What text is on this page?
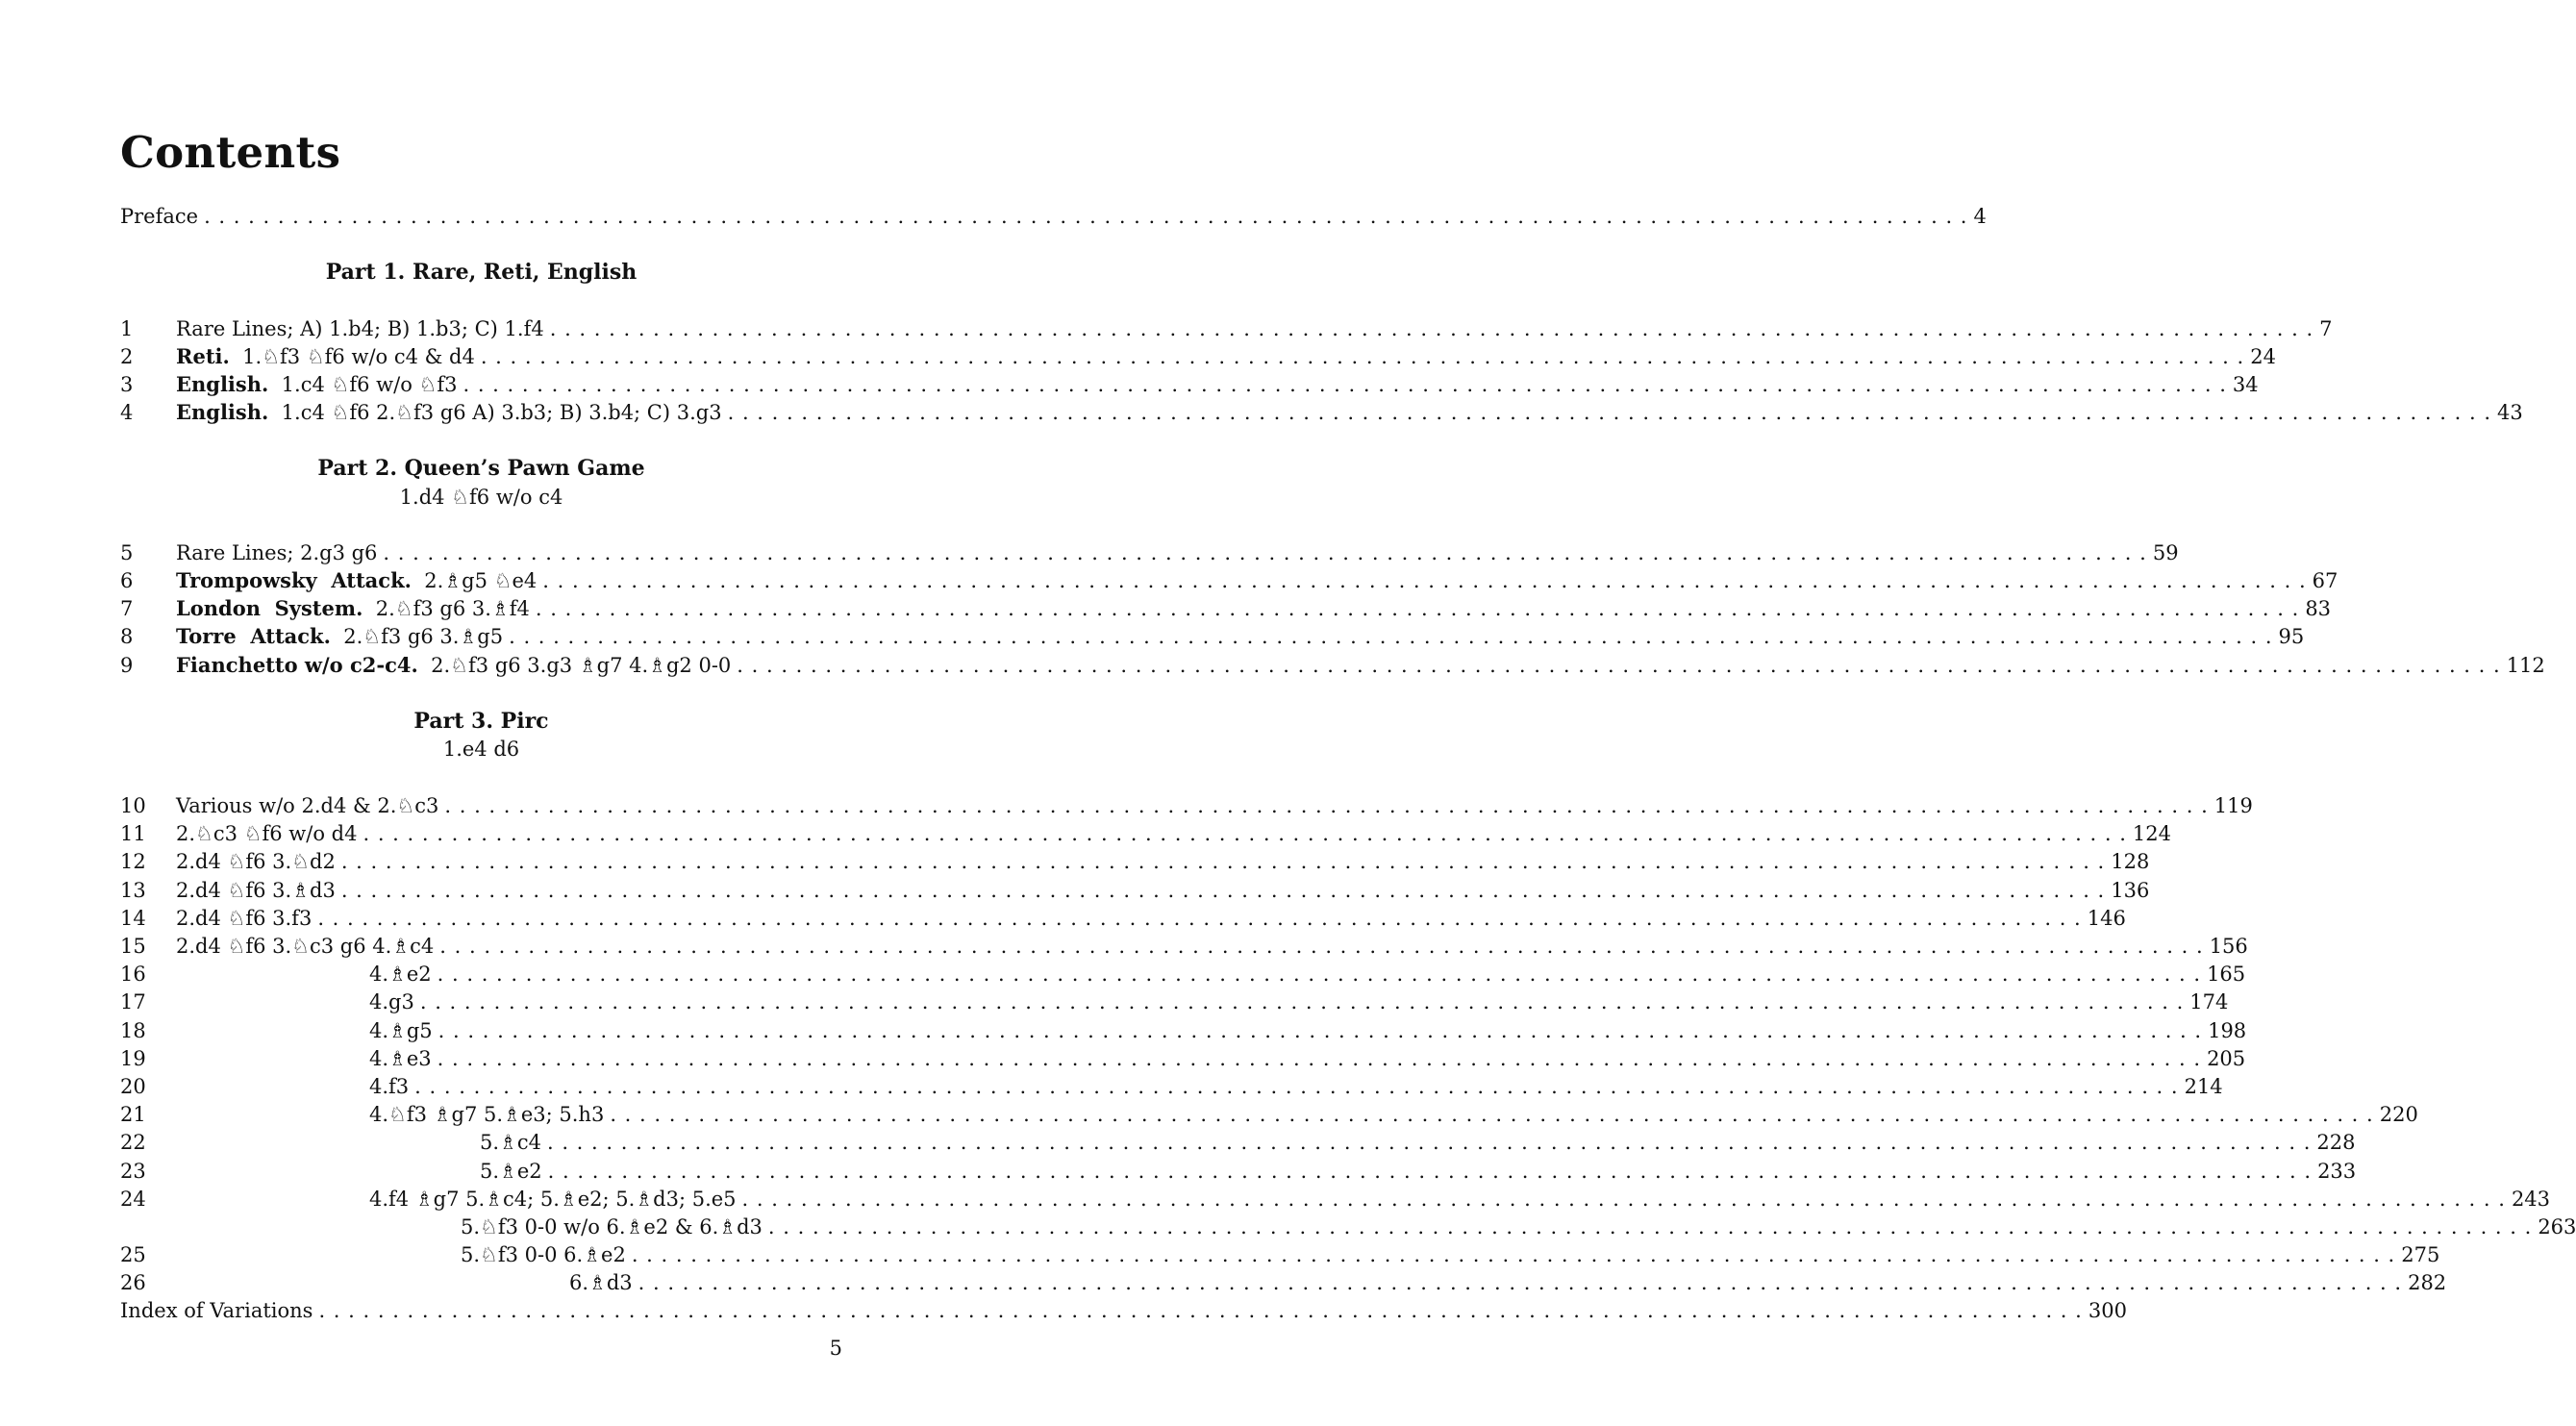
Contents
Preface . . . . . . . . . . . . . . . . . . . . . . . . . . . . . . . . . . . . . . . . . . . . . . . . . . . . . . . . . . . . . . . . . . . . . . . . . . . . . . . . . . . . . . . . . . . . . . . . . . . . . . . . . . . . . . . . . . . . . . . . 4
Part 1. Rare, Reti, English
1	Rare Lines; A) 1.b4; B) 1.b3; C) 1.f4 . . . . . . . . . . . . . . . . . . . . . . . . . . . . . . . . . . . . . . . . . . . . . . . . . . . . . . . . . . . . . . . . . . . . . . . . . . . . . . . . . . . . . . . . . . . . . . . . . . . . . . . . . . . . . . . . . . . . . . . . 7
2	Reti.  1.♘f3 ♘f6 w/o c4 & d4 . . . . . . . . . . . . . . . . . . . . . . . . . . . . . . . . . . . . . . . . . . . . . . . . . . . . . . . . . . . . . . . . . . . . . . . . . . . . . . . . . . . . . . . . . . . . . . . . . . . . . . . . . . . . . . . . . . . . . . . . 24
3	English.  1.c4 ♘f6 w/o ♘f3 . . . . . . . . . . . . . . . . . . . . . . . . . . . . . . . . . . . . . . . . . . . . . . . . . . . . . . . . . . . . . . . . . . . . . . . . . . . . . . . . . . . . . . . . . . . . . . . . . . . . . . . . . . . . . . . . . . . . . . . . 34
4	English.  1.c4 ♘f6 2.♘f3 g6 A) 3.b3; B) 3.b4; C) 3.g3 . . . . . . . . . . . . . . . . . . . . . . . . . . . . . . . . . . . . . . . . . . . . . . . . . . . . . . . . . . . . . . . . . . . . . . . . . . . . . . . . . . . . . . . . . . . . . . . . . . . . . . . . . . . . . . . . . . . . . . . . 43
Part 2. Queen’s Pawn Game
1.d4 ♘f6 w/o c4
5	Rare Lines; 2.g3 g6 . . . . . . . . . . . . . . . . . . . . . . . . . . . . . . . . . . . . . . . . . . . . . . . . . . . . . . . . . . . . . . . . . . . . . . . . . . . . . . . . . . . . . . . . . . . . . . . . . . . . . . . . . . . . . . . . . . . . . . . . 59
6	Trompowsky  Attack.  2.♗g5 ♘e4 . . . . . . . . . . . . . . . . . . . . . . . . . . . . . . . . . . . . . . . . . . . . . . . . . . . . . . . . . . . . . . . . . . . . . . . . . . . . . . . . . . . . . . . . . . . . . . . . . . . . . . . . . . . . . . . . . . . . . . . . 67
7	London  System.  2.♘f3 g6 3.♗f4 . . . . . . . . . . . . . . . . . . . . . . . . . . . . . . . . . . . . . . . . . . . . . . . . . . . . . . . . . . . . . . . . . . . . . . . . . . . . . . . . . . . . . . . . . . . . . . . . . . . . . . . . . . . . . . . . . . . . . . . . 83
8	Torre  Attack.  2.♘f3 g6 3.♗g5 . . . . . . . . . . . . . . . . . . . . . . . . . . . . . . . . . . . . . . . . . . . . . . . . . . . . . . . . . . . . . . . . . . . . . . . . . . . . . . . . . . . . . . . . . . . . . . . . . . . . . . . . . . . . . . . . . . . . . . . . 95
9	Fianchetto w/o c2-c4.  2.♘f3 g6 3.g3 ♗g7 4.♗g2 0-0 . . . . . . . . . . . . . . . . . . . . . . . . . . . . . . . . . . . . . . . . . . . . . . . . . . . . . . . . . . . . . . . . . . . . . . . . . . . . . . . . . . . . . . . . . . . . . . . . . . . . . . . . . . . . . . . . . . . . . . . . 112
Part 3. Pirc
1.e4 d6
10	Various w/o 2.d4 & 2.♘c3 . . . . . . . . . . . . . . . . . . . . . . . . . . . . . . . . . . . . . . . . . . . . . . . . . . . . . . . . . . . . . . . . . . . . . . . . . . . . . . . . . . . . . . . . . . . . . . . . . . . . . . . . . . . . . . . . . . . . . . . . 119
11	2.♘c3 ♘f6 w/o d4 . . . . . . . . . . . . . . . . . . . . . . . . . . . . . . . . . . . . . . . . . . . . . . . . . . . . . . . . . . . . . . . . . . . . . . . . . . . . . . . . . . . . . . . . . . . . . . . . . . . . . . . . . . . . . . . . . . . . . . . . 124
12	2.d4 ♘f6 3.♘d2 . . . . . . . . . . . . . . . . . . . . . . . . . . . . . . . . . . . . . . . . . . . . . . . . . . . . . . . . . . . . . . . . . . . . . . . . . . . . . . . . . . . . . . . . . . . . . . . . . . . . . . . . . . . . . . . . . . . . . . . . 128
13	2.d4 ♘f6 3.♗d3 . . . . . . . . . . . . . . . . . . . . . . . . . . . . . . . . . . . . . . . . . . . . . . . . . . . . . . . . . . . . . . . . . . . . . . . . . . . . . . . . . . . . . . . . . . . . . . . . . . . . . . . . . . . . . . . . . . . . . . . . 136
14	2.d4 ♘f6 3.f3 . . . . . . . . . . . . . . . . . . . . . . . . . . . . . . . . . . . . . . . . . . . . . . . . . . . . . . . . . . . . . . . . . . . . . . . . . . . . . . . . . . . . . . . . . . . . . . . . . . . . . . . . . . . . . . . . . . . . . . . . 146
15	2.d4 ♘f6 3.♘c3 g6 4.♗c4 . . . . . . . . . . . . . . . . . . . . . . . . . . . . . . . . . . . . . . . . . . . . . . . . . . . . . . . . . . . . . . . . . . . . . . . . . . . . . . . . . . . . . . . . . . . . . . . . . . . . . . . . . . . . . . . . . . . . . . . . 156
16	4.♗e2 . . . . . . . . . . . . . . . . . . . . . . . . . . . . . . . . . . . . . . . . . . . . . . . . . . . . . . . . . . . . . . . . . . . . . . . . . . . . . . . . . . . . . . . . . . . . . . . . . . . . . . . . . . . . . . . . . . . . . . . . 165
17	4.g3 . . . . . . . . . . . . . . . . . . . . . . . . . . . . . . . . . . . . . . . . . . . . . . . . . . . . . . . . . . . . . . . . . . . . . . . . . . . . . . . . . . . . . . . . . . . . . . . . . . . . . . . . . . . . . . . . . . . . . . . . 174
18	4.♗g5 . . . . . . . . . . . . . . . . . . . . . . . . . . . . . . . . . . . . . . . . . . . . . . . . . . . . . . . . . . . . . . . . . . . . . . . . . . . . . . . . . . . . . . . . . . . . . . . . . . . . . . . . . . . . . . . . . . . . . . . . 198
19	4.♗e3 . . . . . . . . . . . . . . . . . . . . . . . . . . . . . . . . . . . . . . . . . . . . . . . . . . . . . . . . . . . . . . . . . . . . . . . . . . . . . . . . . . . . . . . . . . . . . . . . . . . . . . . . . . . . . . . . . . . . . . . . 205
20	4.f3 . . . . . . . . . . . . . . . . . . . . . . . . . . . . . . . . . . . . . . . . . . . . . . . . . . . . . . . . . . . . . . . . . . . . . . . . . . . . . . . . . . . . . . . . . . . . . . . . . . . . . . . . . . . . . . . . . . . . . . . . 214
21	4.♘f3 ♗g7 5.♗e3; 5.h3 . . . . . . . . . . . . . . . . . . . . . . . . . . . . . . . . . . . . . . . . . . . . . . . . . . . . . . . . . . . . . . . . . . . . . . . . . . . . . . . . . . . . . . . . . . . . . . . . . . . . . . . . . . . . . . . . . . . . . . . . 220
22	5.♗c4 . . . . . . . . . . . . . . . . . . . . . . . . . . . . . . . . . . . . . . . . . . . . . . . . . . . . . . . . . . . . . . . . . . . . . . . . . . . . . . . . . . . . . . . . . . . . . . . . . . . . . . . . . . . . . . . . . . . . . . . . 228
23	5.♗e2 . . . . . . . . . . . . . . . . . . . . . . . . . . . . . . . . . . . . . . . . . . . . . . . . . . . . . . . . . . . . . . . . . . . . . . . . . . . . . . . . . . . . . . . . . . . . . . . . . . . . . . . . . . . . . . . . . . . . . . . . 233
24	4.f4 ♗g7 5.♗c4; 5.♗e2; 5.♗d3; 5.e5 . . . . . . . . . . . . . . . . . . . . . . . . . . . . . . . . . . . . . . . . . . . . . . . . . . . . . . . . . . . . . . . . . . . . . . . . . . . . . . . . . . . . . . . . . . . . . . . . . . . . . . . . . . . . . . . . . . . . . . . . 243
5.♘f3 0-0 w/o 6.♗e2 & 6.♗d3 . . . . . . . . . . . . . . . . . . . . . . . . . . . . . . . . . . . . . . . . . . . . . . . . . . . . . . . . . . . . . . . . . . . . . . . . . . . . . . . . . . . . . . . . . . . . . . . . . . . . . . . . . . . . . . . . . . . . . . . . 263
25	5.♘f3 0-0 6.♗e2 . . . . . . . . . . . . . . . . . . . . . . . . . . . . . . . . . . . . . . . . . . . . . . . . . . . . . . . . . . . . . . . . . . . . . . . . . . . . . . . . . . . . . . . . . . . . . . . . . . . . . . . . . . . . . . . . . . . . . . . . 275
26	6.♗d3 . . . . . . . . . . . . . . . . . . . . . . . . . . . . . . . . . . . . . . . . . . . . . . . . . . . . . . . . . . . . . . . . . . . . . . . . . . . . . . . . . . . . . . . . . . . . . . . . . . . . . . . . . . . . . . . . . . . . . . . . 282
Index of Variations . . . . . . . . . . . . . . . . . . . . . . . . . . . . . . . . . . . . . . . . . . . . . . . . . . . . . . . . . . . . . . . . . . . . . . . . . . . . . . . . . . . . . . . . . . . . . . . . . . . . . . . . . . . . . . . . . . . . . . . . 300
5
